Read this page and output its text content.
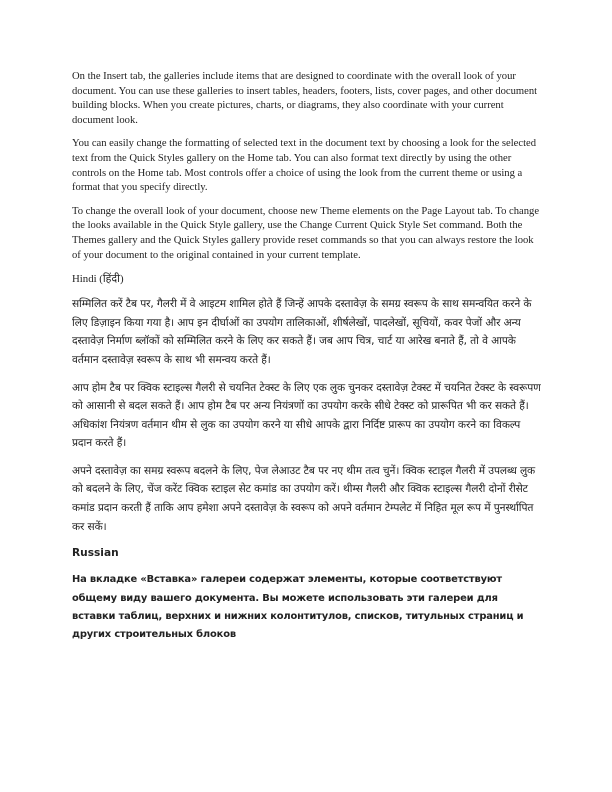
On the Insert tab, the galleries include items that are designed to coordinate with the overall look of your document. You can use these galleries to insert tables, headers, footers, lists, cover pages, and other document building blocks. When you create pictures, charts, or diagrams, they also coordinate with your current document look.

You can easily change the formatting of selected text in the document text by choosing a look for the selected text from the Quick Styles gallery on the Home tab. You can also format text directly by using the other controls on the Home tab. Most controls offer a choice of using the look from the current theme or using a format that you specify directly.

To change the overall look of your document, choose new Theme elements on the Page Layout tab. To change the looks available in the Quick Style gallery, use the Change Current Quick Style Set command. Both the Themes gallery and the Quick Styles gallery provide reset commands so that you can always restore the look of your document to the original contained in your current template.

Hindi (हिंदी)

सम्मिलित करें टैब पर, गैलरी में वे आइटम शामिल होते हैं जिन्हें आपके दस्तावेज़ के समग्र स्वरूप के साथ समन्वयित करने के लिए डिज़ाइन किया गया है। आप इन दीर्घाओं का उपयोग तालिकाओं, शीर्षलेखों, पादलेखों, सूचियों, कवर पेजों और अन्य दस्तावेज़ निर्माण ब्लॉकों को सम्मिलित करने के लिए कर सकते हैं। जब आप चित्र, चार्ट या आरेख बनाते हैं, तो वे आपके वर्तमान दस्तावेज़ स्वरूप के साथ भी समन्वय करते हैं।

आप होम टैब पर क्विक स्टाइल्स गैलरी से चयनित टेक्स्ट के लिए एक लुक चुनकर दस्तावेज़ टेक्स्ट में चयनित टेक्स्ट के स्वरूपण को आसानी से बदल सकते हैं। आप होम टैब पर अन्य नियंत्रणों का उपयोग करके सीधे टेक्स्ट को प्रारूपित भी कर सकते हैं। अधिकांश नियंत्रण वर्तमान थीम से लुक का उपयोग करने या सीधे आपके द्वारा निर्दिष्ट प्रारूप का उपयोग करने का विकल्प प्रदान करते हैं।

अपने दस्तावेज़ का समग्र स्वरूप बदलने के लिए, पेज लेआउट टैब पर नए थीम तत्व चुनें। क्विक स्टाइल गैलरी में उपलब्ध लुक को बदलने के लिए, चेंज करेंट क्विक स्टाइल सेट कमांड का उपयोग करें। थीम्स गैलरी और क्विक स्टाइल्स गैलरी दोनों रीसेट कमांड प्रदान करती हैं ताकि आप हमेशा अपने दस्तावेज़ के स्वरूप को अपने वर्तमान टेम्पलेट में निहित मूल रूप में पुनर्स्थापित कर सकें।

Russian

На вкладке «Вставка» галереи содержат элементы, которые соответствуют общему виду вашего документа. Вы можете использовать эти галереи для вставки таблиц, верхних и нижних колонтитулов, списков, титульных страниц и других строительных блоков
